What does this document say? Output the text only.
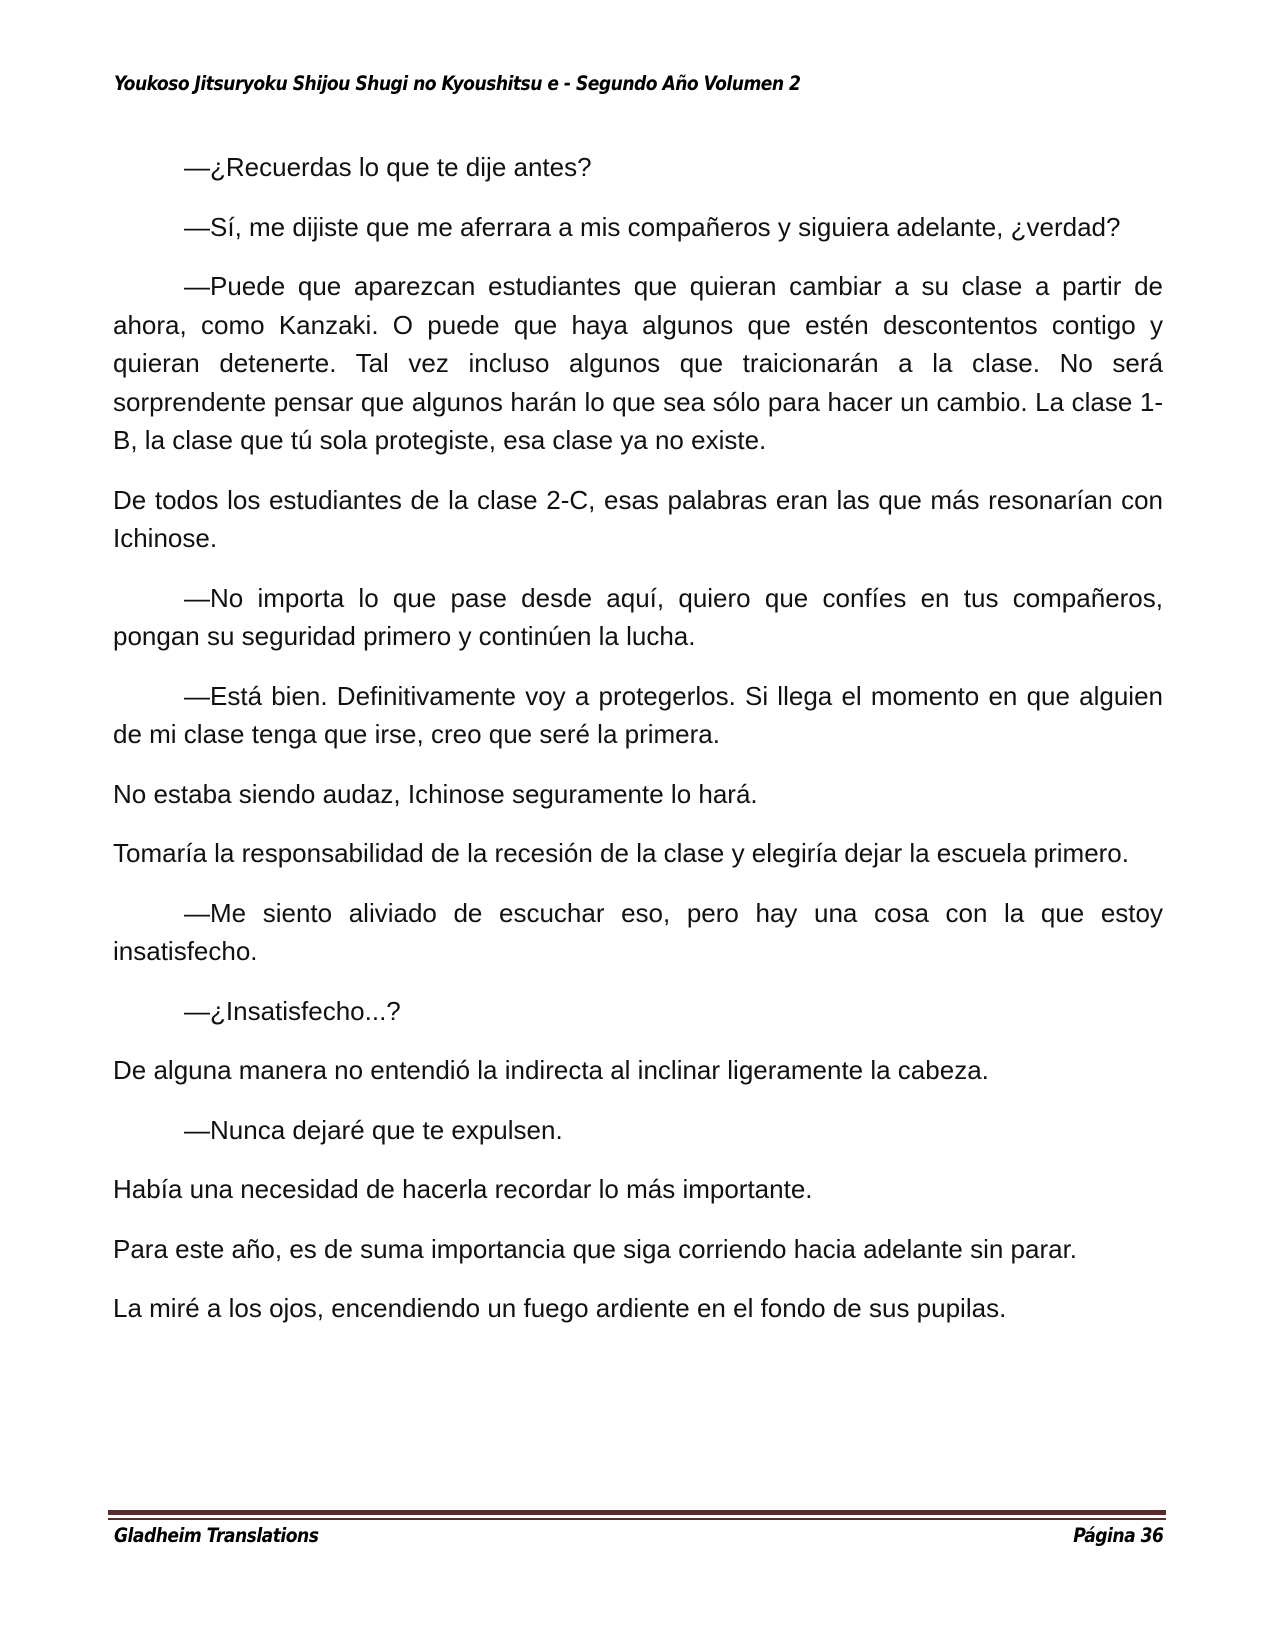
Youkoso Jitsuryoku Shijou Shugi no Kyoushitsu e - Segundo Año Volumen 2

—¿Recuerdas lo que te dije antes?

—Sí, me dijiste que me aferrara a mis compañeros y siguiera adelante, ¿verdad?

—Puede que aparezcan estudiantes que quieran cambiar a su clase a partir de ahora, como Kanzaki. O puede que haya algunos que estén descontentos contigo y quieran detenerte. Tal vez incluso algunos que traicionarán a la clase. No será sorprendente pensar que algunos harán lo que sea sólo para hacer un cambio. La clase 1-B, la clase que tú sola protegiste, esa clase ya no existe.

De todos los estudiantes de la clase 2-C, esas palabras eran las que más resonarían con Ichinose.

—No importa lo que pase desde aquí, quiero que confíes en tus compañeros, pongan su seguridad primero y continúen la lucha.

—Está bien. Definitivamente voy a protegerlos. Si llega el momento en que alguien de mi clase tenga que irse, creo que seré la primera.

No estaba siendo audaz, Ichinose seguramente lo hará.

Tomaría la responsabilidad de la recesión de la clase y elegiría dejar la escuela primero.

—Me siento aliviado de escuchar eso, pero hay una cosa con la que estoy insatisfecho.

—¿Insatisfecho...?

De alguna manera no entendió la indirecta al inclinar ligeramente la cabeza.

—Nunca dejaré que te expulsen.

Había una necesidad de hacerla recordar lo más importante.

Para este año, es de suma importancia que siga corriendo hacia adelante sin parar.

La miré a los ojos, encendiendo un fuego ardiente en el fondo de sus pupilas.

Gladheim Translations	Página 36
